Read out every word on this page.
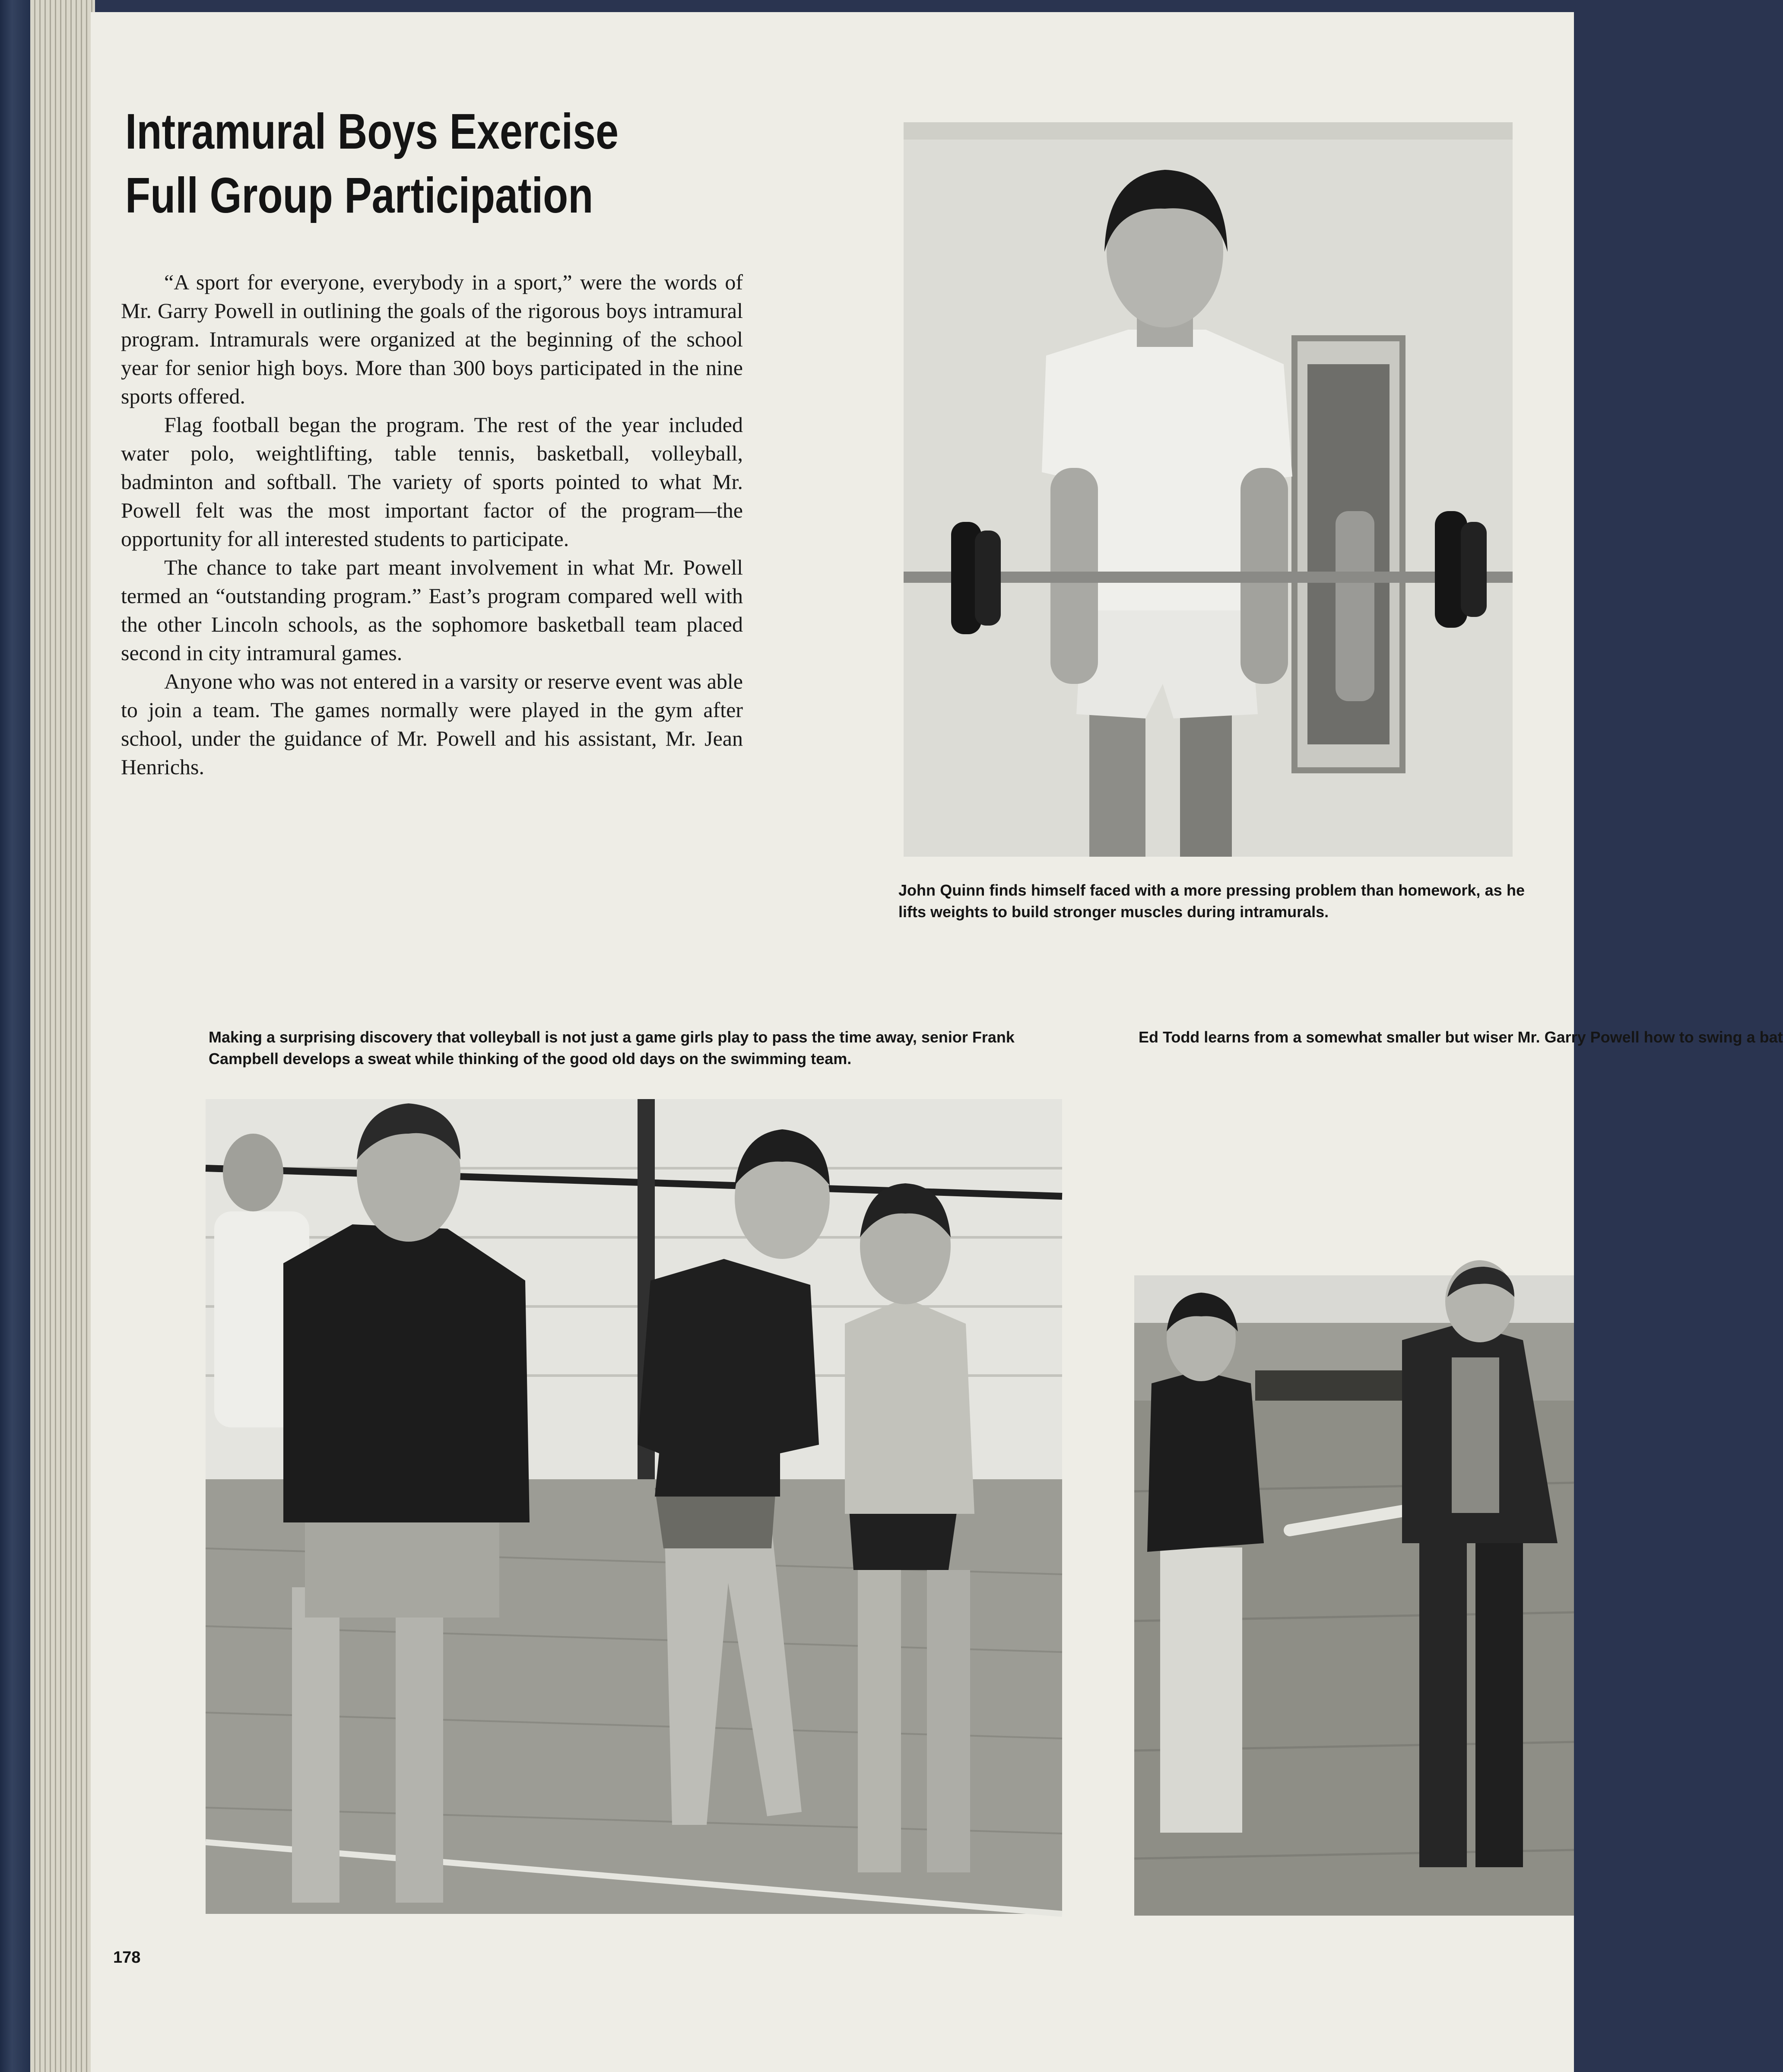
Intramural Boys Exercise
Full Group Participation

“A sport for everyone, everybody in a sport,” were the words of Mr. Garry Powell in outlining the goals of the rigorous boys intramural program. Intramurals were organized at the beginning of the school year for senior high boys. More than 300 boys participated in the nine sports offered.

Flag football began the program. The rest of the year included water polo, weightlifting, table tennis, basketball, volleyball, badminton and softball. The variety of sports pointed to what Mr. Powell felt was the most important factor of the program—the opportunity for all interested students to participate.

The chance to take part meant involvement in what Mr. Powell termed an “outstanding program.” East’s program compared well with the other Lincoln schools, as the sophomore basketball team placed second in city intramural games.

Anyone who was not entered in a varsity or reserve event was able to join a team. The games normally were played in the gym after school, under the guidance of Mr. Powell and his assistant, Mr. Jean Henrichs.

John Quinn finds himself faced with a more pressing problem than homework, as he lifts weights to build stronger muscles during intramurals.
Making a surprising discovery that volleyball is not just a game girls play to pass the time away, senior Frank Campbell develops a sweat while thinking of the good old days on the swimming team.
Ed Todd learns from a somewhat smaller but wiser Mr. Garry Powell how to swing a bat
178
